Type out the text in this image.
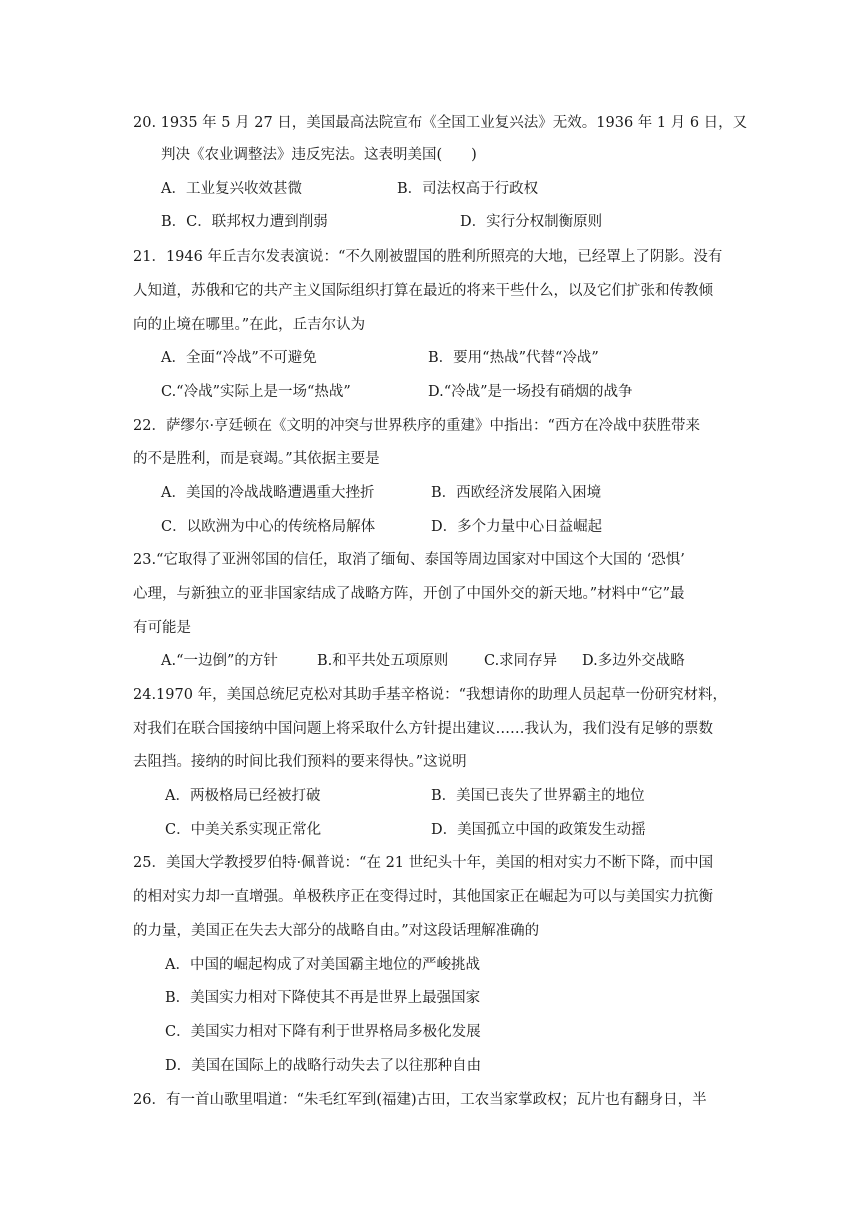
20. 1935 年 5 月 27 日，美国最高法院宣布《全国工业复兴法》无效。1936 年 1 月 6 日，又
判决《农业调整法》违反宪法。这表明美国(　　)
A．工业复兴收效甚微	B．司法权高于行政权
B．C．联邦权力遭到削弱	D．实行分权制衡原则
21．1946 年丘吉尔发表演说：“不久刚被盟国的胜利所照亮的大地，已经罩上了阴影。没有
人知道，苏俄和它的共产主义国际组织打算在最近的将来干些什么，以及它们扩张和传教倾
向的止境在哪里。”在此，丘吉尔认为
A．全面“冷战”不可避免	B．要用“热战”代替“冷战”
C.“冷战”实际上是一场“热战”	D.“冷战”是一场投有硝烟的战争
22．萨缪尔·亨廷顿在《文明的冲突与世界秩序的重建》中指出：“西方在冷战中获胜带来
的不是胜利，而是衰竭。”其依据主要是
A．美国的冷战战略遭遇重大挫折	B．西欧经济发展陷入困境
C．以欧洲为中心的传统格局解体	D．多个力量中心日益崛起
23.“它取得了亚洲邻国的信任，取消了缅甸、泰国等周边国家对中国这个大国的 ‘恐惧’
心理，与新独立的亚非国家结成了战略方阵，开创了中国外交的新天地。”材料中“它”最
有可能是
A.“一边倒”的方针	B.和平共处五项原则 C.求同存异 D.多边外交战略
24.1970 年，美国总统尼克松对其助手基辛格说：“我想请你的助理人员起草一份研究材料，
对我们在联合国接纳中国问题上将采取什么方针提出建议……我认为，我们没有足够的票数
去阻挡。接纳的时间比我们预料的要来得快。”这说明
A．两极格局已经被打破	B．美国已丧失了世界霸主的地位
C．中美关系实现正常化	D．美国孤立中国的政策发生动摇
25．美国大学教授罗伯特·佩普说：“在 21 世纪头十年，美国的相对实力不断下降，而中国
的相对实力却一直增强。单极秩序正在变得过时，其他国家正在崛起为可以与美国实力抗衡
的力量，美国正在失去大部分的战略自由。”对这段话理解准确的
A．中国的崛起构成了对美国霸主地位的严峻挑战
B．美国实力相对下降使其不再是世界上最强国家
C．美国实力相对下降有利于世界格局多极化发展
D．美国在国际上的战略行动失去了以往那种自由
26．有一首山歌里唱道：“朱毛红军到(福建)古田，工农当家掌政权；瓦片也有翻身日，半
